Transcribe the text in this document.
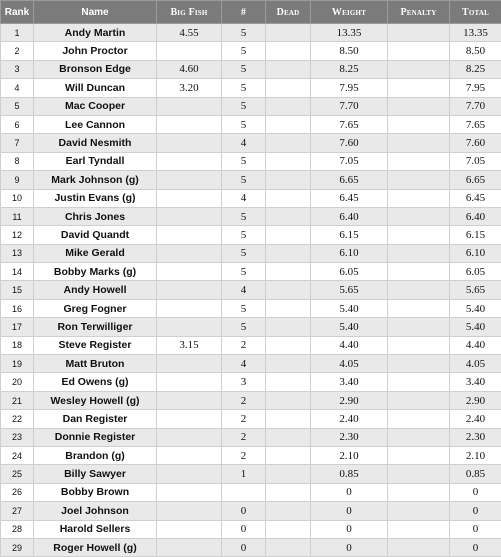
Rank	Name	Big Fish	#	Dead	Weight	Penalty	Total
1	Andy Martin	4.55	5		13.35		13.35
2	John Proctor		5		8.50		8.50
3	Bronson Edge	4.60	5		8.25		8.25
4	Will Duncan	3.20	5		7.95		7.95
5	Mac Cooper		5		7.70		7.70
6	Lee Cannon		5		7.65		7.65
7	David Nesmith		4		7.60		7.60
8	Earl Tyndall		5		7.05		7.05
9	Mark Johnson (g)		5		6.65		6.65
10	Justin Evans (g)		4		6.45		6.45
11	Chris Jones		5		6.40		6.40
12	David Quandt		5		6.15		6.15
13	Mike Gerald		5		6.10		6.10
14	Bobby Marks (g)		5		6.05		6.05
15	Andy Howell		4		5.65		5.65
16	Greg Fogner		5		5.40		5.40
17	Ron Terwilliger		5		5.40		5.40
18	Steve Register	3.15	2		4.40		4.40
19	Matt Bruton		4		4.05		4.05
20	Ed Owens (g)		3		3.40		3.40
21	Wesley Howell (g)		2		2.90		2.90
22	Dan Register		2		2.40		2.40
23	Donnie Register		2		2.30		2.30
24	Brandon (g)		2		2.10		2.10
25	Billy Sawyer		1		0.85		0.85
26	Bobby Brown				0		0
27	Joel Johnson		0		0		0
28	Harold Sellers		0		0		0
29	Roger Howell (g)		0		0		0
